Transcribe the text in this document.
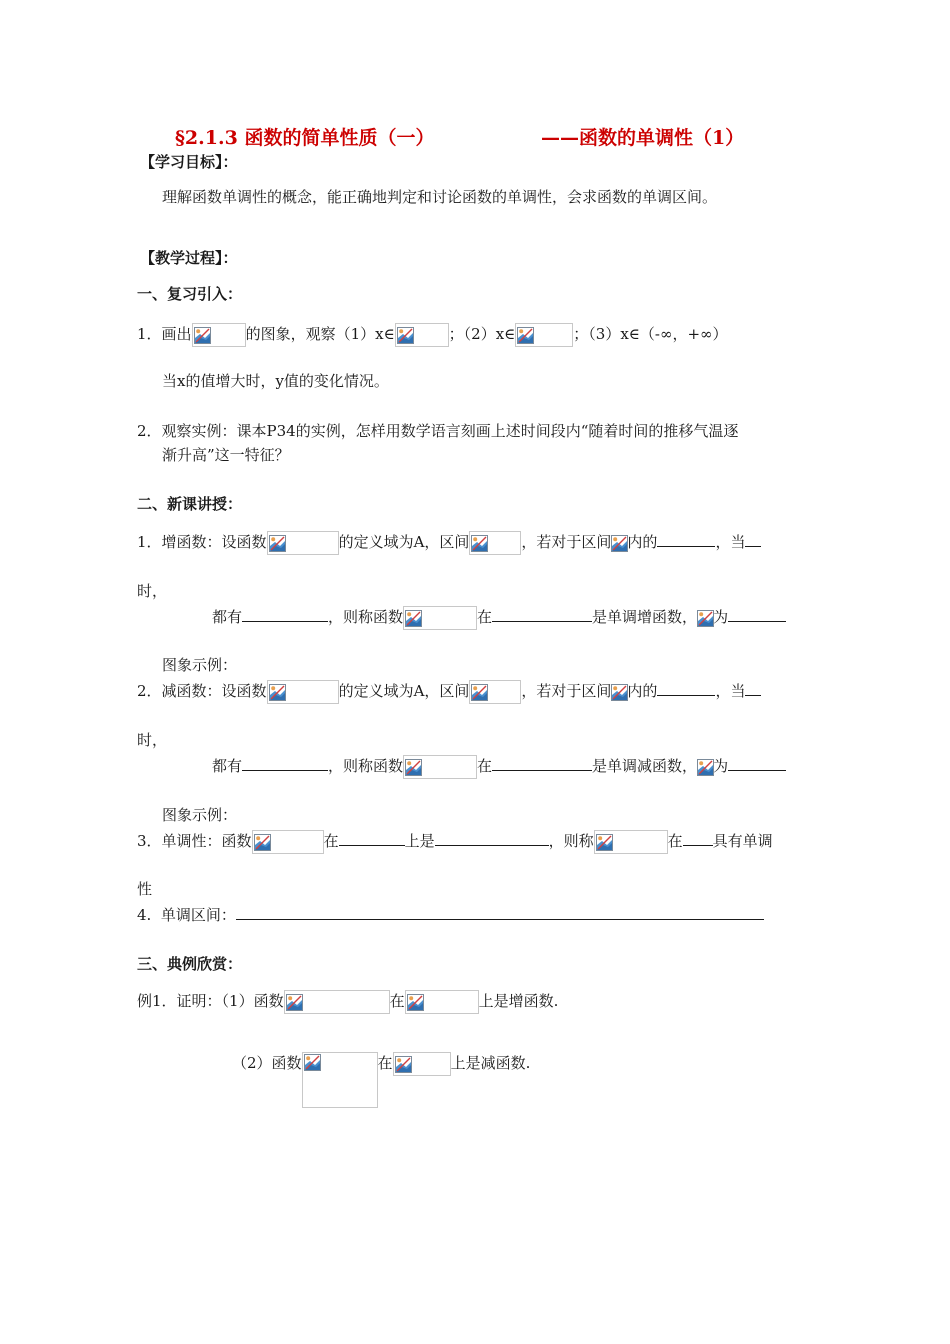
§2.1.3 函数的简单性质（一）	——函数的单调性（1）
【学习目标】：
理解函数单调性的概念，能正确地判定和讨论函数的单调性，会求函数的单调区间。
【教学过程】：
一、复习引入：
1．画出	的图象，观察（1）x∈	；（2）x∈	；（3）x∈（-∞，+∞）
当x的值增大时，y值的变化情况。
2．观察实例：课本P34的实例，怎样用数学语言刻画上述时间段内“随着时间的推移气温逐
渐升高”这一特征？
二、新课讲授：
1．增函数：设函数	的定义域为A，区间	，若对于区间 内的	，当
时，
都有	，则称函数	在	是单调增函数， 为
图象示例：
2．减函数：设函数	的定义域为A，区间	，若对于区间 内的	，当
时，
都有	，则称函数	在	是单调减函数， 为
图象示例：
3．单调性：函数	在	上是	，则称	在 具有单调
性
4. 单调区间：
三、典例欣赏：
例1．证明：（1）函数	在	上是增函数.
（2）函数	在	上是减函数.
